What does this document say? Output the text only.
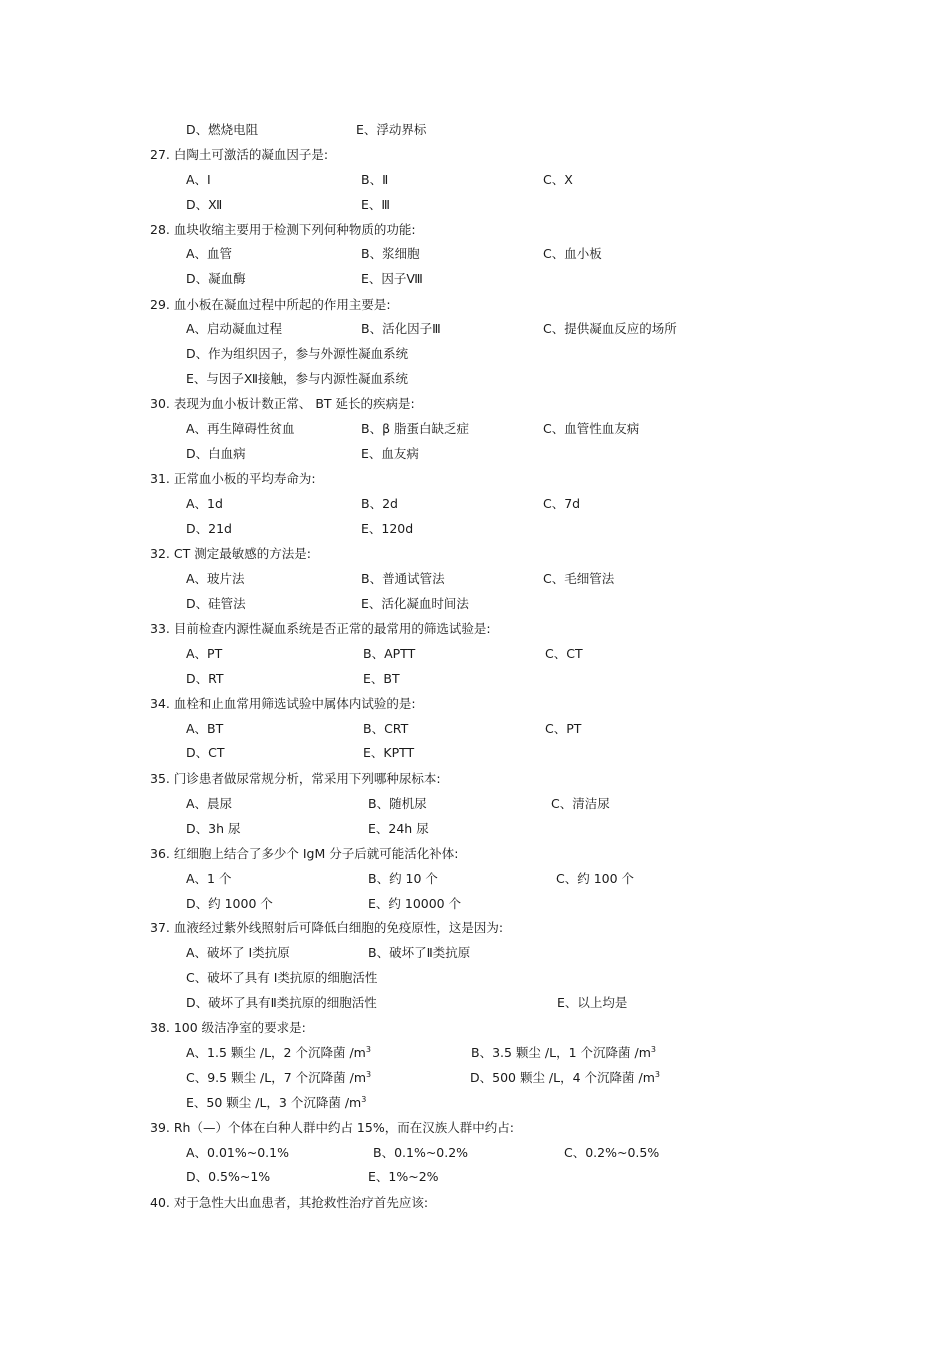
D、燃烧电阻	E、浮动界标
27. 白陶土可激活的凝血因子是:
A、Ⅰ	B、Ⅱ	C、Ⅹ
D、Ⅻ	E、Ⅲ
28. 血块收缩主要用于检测下列何种物质的功能:
A、血管	B、浆细胞	C、血小板
D、凝血酶	E、因子Ⅷ
29. 血小板在凝血过程中所起的作用主要是:
A、启动凝血过程	B、活化因子Ⅲ	C、提供凝血反应的场所
D、作为组织因子，参与外源性凝血系统
E、与因子Ⅻ接触，参与内源性凝血系统
30. 表现为血小板计数正常、 BT 延长的疾病是:
A、再生障碍性贫血	B、β 脂蛋白缺乏症	C、血管性血友病
D、白血病	E、血友病
31. 正常血小板的平均寿命为:
A、1d	B、2d	C、7d
D、21d	E、120d
32. CT 测定最敏感的方法是:
A、玻片法	B、普通试管法	C、毛细管法
D、硅管法	E、活化凝血时间法
33. 目前检查内源性凝血系统是否正常的最常用的筛选试验是:
A、PT	B、APTT	C、CT
D、RT	E、BT
34. 血栓和止血常用筛选试验中属体内试验的是:
A、BT	B、CRT	C、PT
D、CT	E、KPTT
35. 门诊患者做尿常规分析，常采用下列哪种尿标本:
A、晨尿	B、随机尿	C、清洁尿
D、3h 尿	E、24h 尿
36. 红细胞上结合了多少个 IgM 分子后就可能活化补体:
A、1 个	B、约 10 个	C、约 100 个
D、约 1000 个	E、约 10000 个
37. 血液经过紫外线照射后可降低白细胞的免疫原性，这是因为:
A、破坏了 Ⅰ类抗原	B、破坏了Ⅱ类抗原
C、破坏了具有 Ⅰ类抗原的细胞活性
D、破坏了具有Ⅱ类抗原的细胞活性	E、以上均是
38. 100 级洁净室的要求是:
A、1.5 颗尘 /L，2 个沉降菌 $/m^3$	B、3.5 颗尘 /L，1 个沉降菌 $/m^3$
C、9.5 颗尘 /L，7 个沉降菌 $/m^3$	D、500 颗尘 /L，4 个沉降菌 $/m^3$
E、50 颗尘 /L，3 个沉降菌 $/m^3$
39. Rh（—）个体在白种人群中约占 15%，而在汉族人群中约占:
A、0.01%~0.1%	B、0.1%~0.2%	C、0.2%~0.5%
D、0.5%~1%	E、1%~2%
40. 对于急性大出血患者，其抢救性治疗首先应该:
